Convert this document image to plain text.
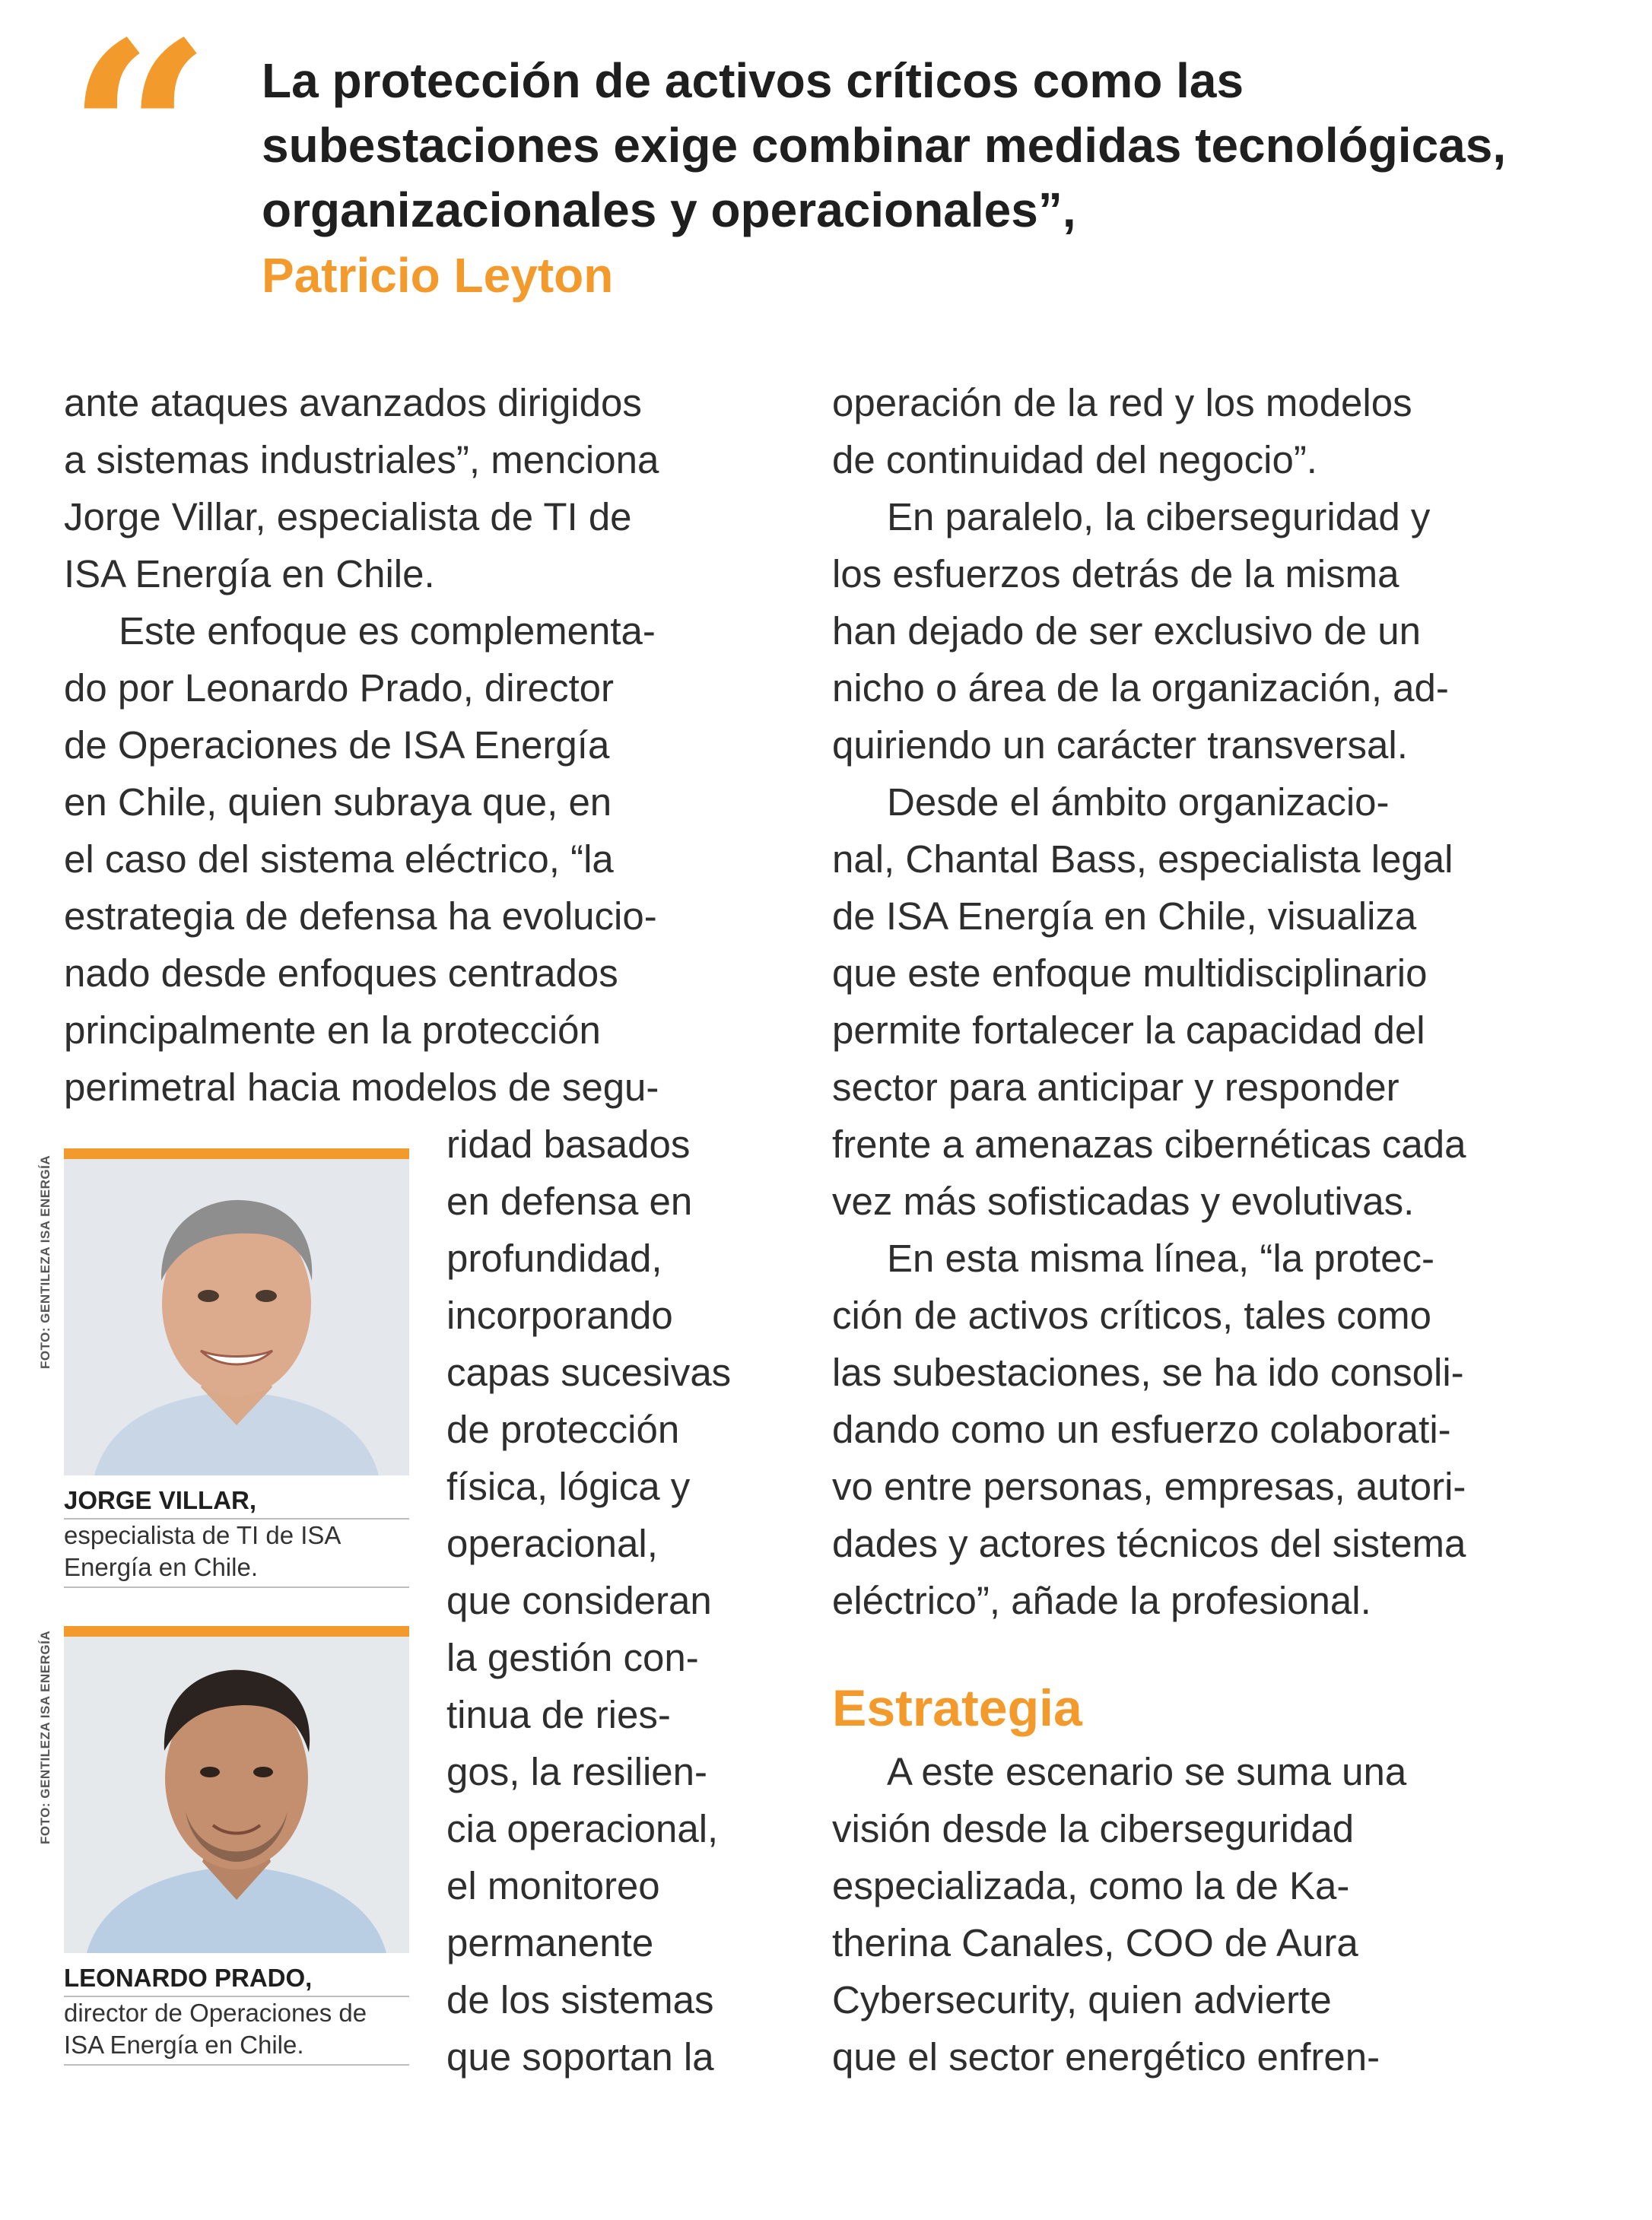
“ La protección de activos críticos como las subestaciones exige combinar medidas tecnológicas, organizacionales y operacionales”,
Patricio Leyton

ante ataques avanzados dirigidos

a sistemas industriales”, menciona

Jorge Villar, especialista de TI de

ISA Energía en Chile.

Este enfoque es complementa-

do por Leonardo Prado, director

de Operaciones de ISA Energía

en Chile, quien subraya que, en

el caso del sistema eléctrico, “la

estrategia de defensa ha evolucio-

nado desde enfoques centrados

principalmente en la protección

perimetral hacia modelos de segu-

ridad basados

en defensa en

profundidad,

incorporando

capas sucesivas

de protección

física, lógica y

operacional,

que consideran

la gestión con-

tinua de ries-

gos, la resilien-

cia operacional,

el monitoreo

permanente

de los sistemas

que soportan la

FOTO: GENTILEZA ISA ENERGÍA
JORGE VILLAR,
especialista de TI de ISA
Energía en Chile.
FOTO: GENTILEZA ISA ENERGÍA
LEONARDO PRADO,
director de Operaciones de
ISA Energía en Chile.

operación de la red y los modelos

de continuidad del negocio”.

En paralelo, la ciberseguridad y

los esfuerzos detrás de la misma

han dejado de ser exclusivo de un

nicho o área de la organización, ad-

quiriendo un carácter transversal.

Desde el ámbito organizacio-

nal, Chantal Bass, especialista legal

de ISA Energía en Chile, visualiza

que este enfoque multidisciplinario

permite fortalecer la capacidad del

sector para anticipar y responder

frente a amenazas cibernéticas cada

vez más sofisticadas y evolutivas.

En esta misma línea, “la protec-

ción de activos críticos, tales como

las subestaciones, se ha ido consoli-

dando como un esfuerzo colaborati-

vo entre personas, empresas, autori-

dades y actores técnicos del sistema

eléctrico”, añade la profesional.

Estrategia

A este escenario se suma una

visión desde la ciberseguridad

especializada, como la de Ka-

therina Canales, COO de Aura

Cybersecurity, quien advierte

que el sector energético enfren-
